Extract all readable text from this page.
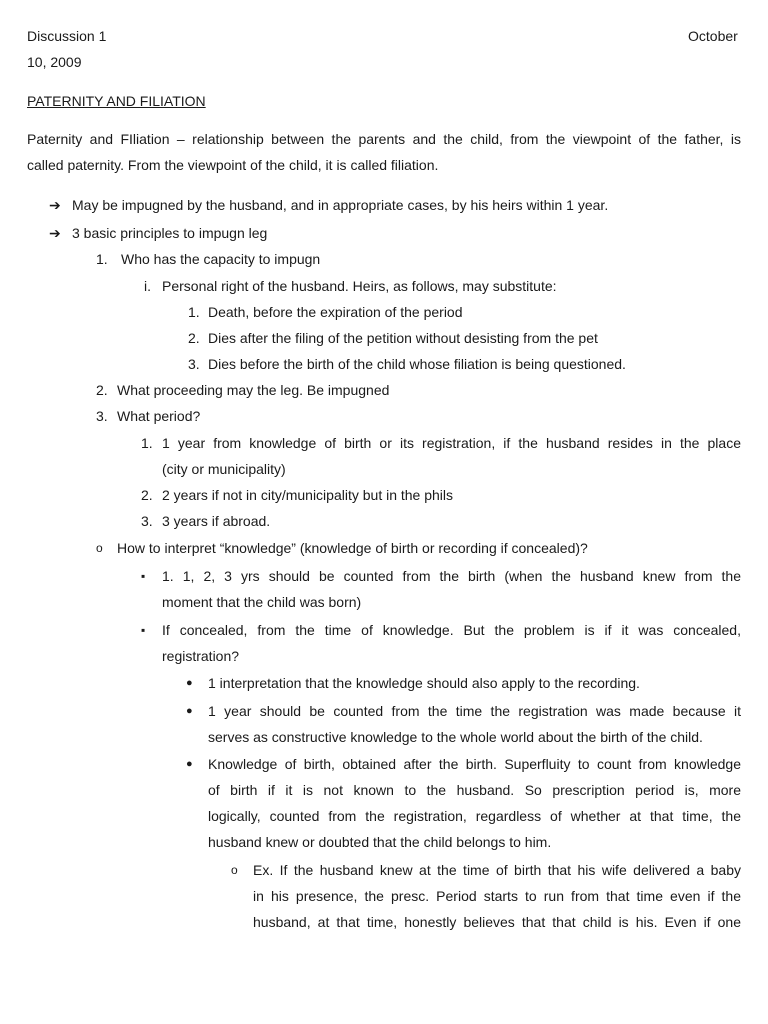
Discussion 1	October
10, 2009
PATERNITY AND FILIATION
Paternity and FIliation – relationship between the parents and the child, from the viewpoint of the father, is
called paternity. From the viewpoint of the child, it is called filiation.
➔ May be impugned by the husband, and in appropriate cases, by his heirs within 1 year.
➔ 3 basic principles to impugn leg
1. Who has the capacity to impugn
i. Personal right of the husband. Heirs, as follows, may substitute:
1. Death, before the expiration of the period
2. Dies after the filing of the petition without desisting from the pet
3. Dies before the birth of the child whose filiation is being questioned.
2. What proceeding may the leg. Be impugned
3. What period?
1. 1 year from knowledge of birth or its registration, if the husband resides in the place
(city or municipality)
2. 2 years if not in city/municipality but in the phils
3. 3 years if abroad.
o How to interpret “knowledge” (knowledge of birth or recording if concealed)?
▪ 1. 1, 2, 3 yrs should be counted from the birth (when the husband knew from the
moment that the child was born)
▪ If concealed, from the time of knowledge. But the problem is if it was concealed,
registration?
● 1 interpretation that the knowledge should also apply to the recording.
● 1 year should be counted from the time the registration was made because it
serves as constructive knowledge to the whole world about the birth of the child.
● Knowledge of birth, obtained after the birth. Superfluity to count from knowledge
of birth if it is not known to the husband. So prescription period is, more
logically, counted from the registration, regardless of whether at that time, the
husband knew or doubted that the child belongs to him.
o Ex. If the husband knew at the time of birth that his wife delivered a baby
in his presence, the presc. Period starts to run from that time even if the
husband, at that time, honestly believes that that child is his. Even if one
